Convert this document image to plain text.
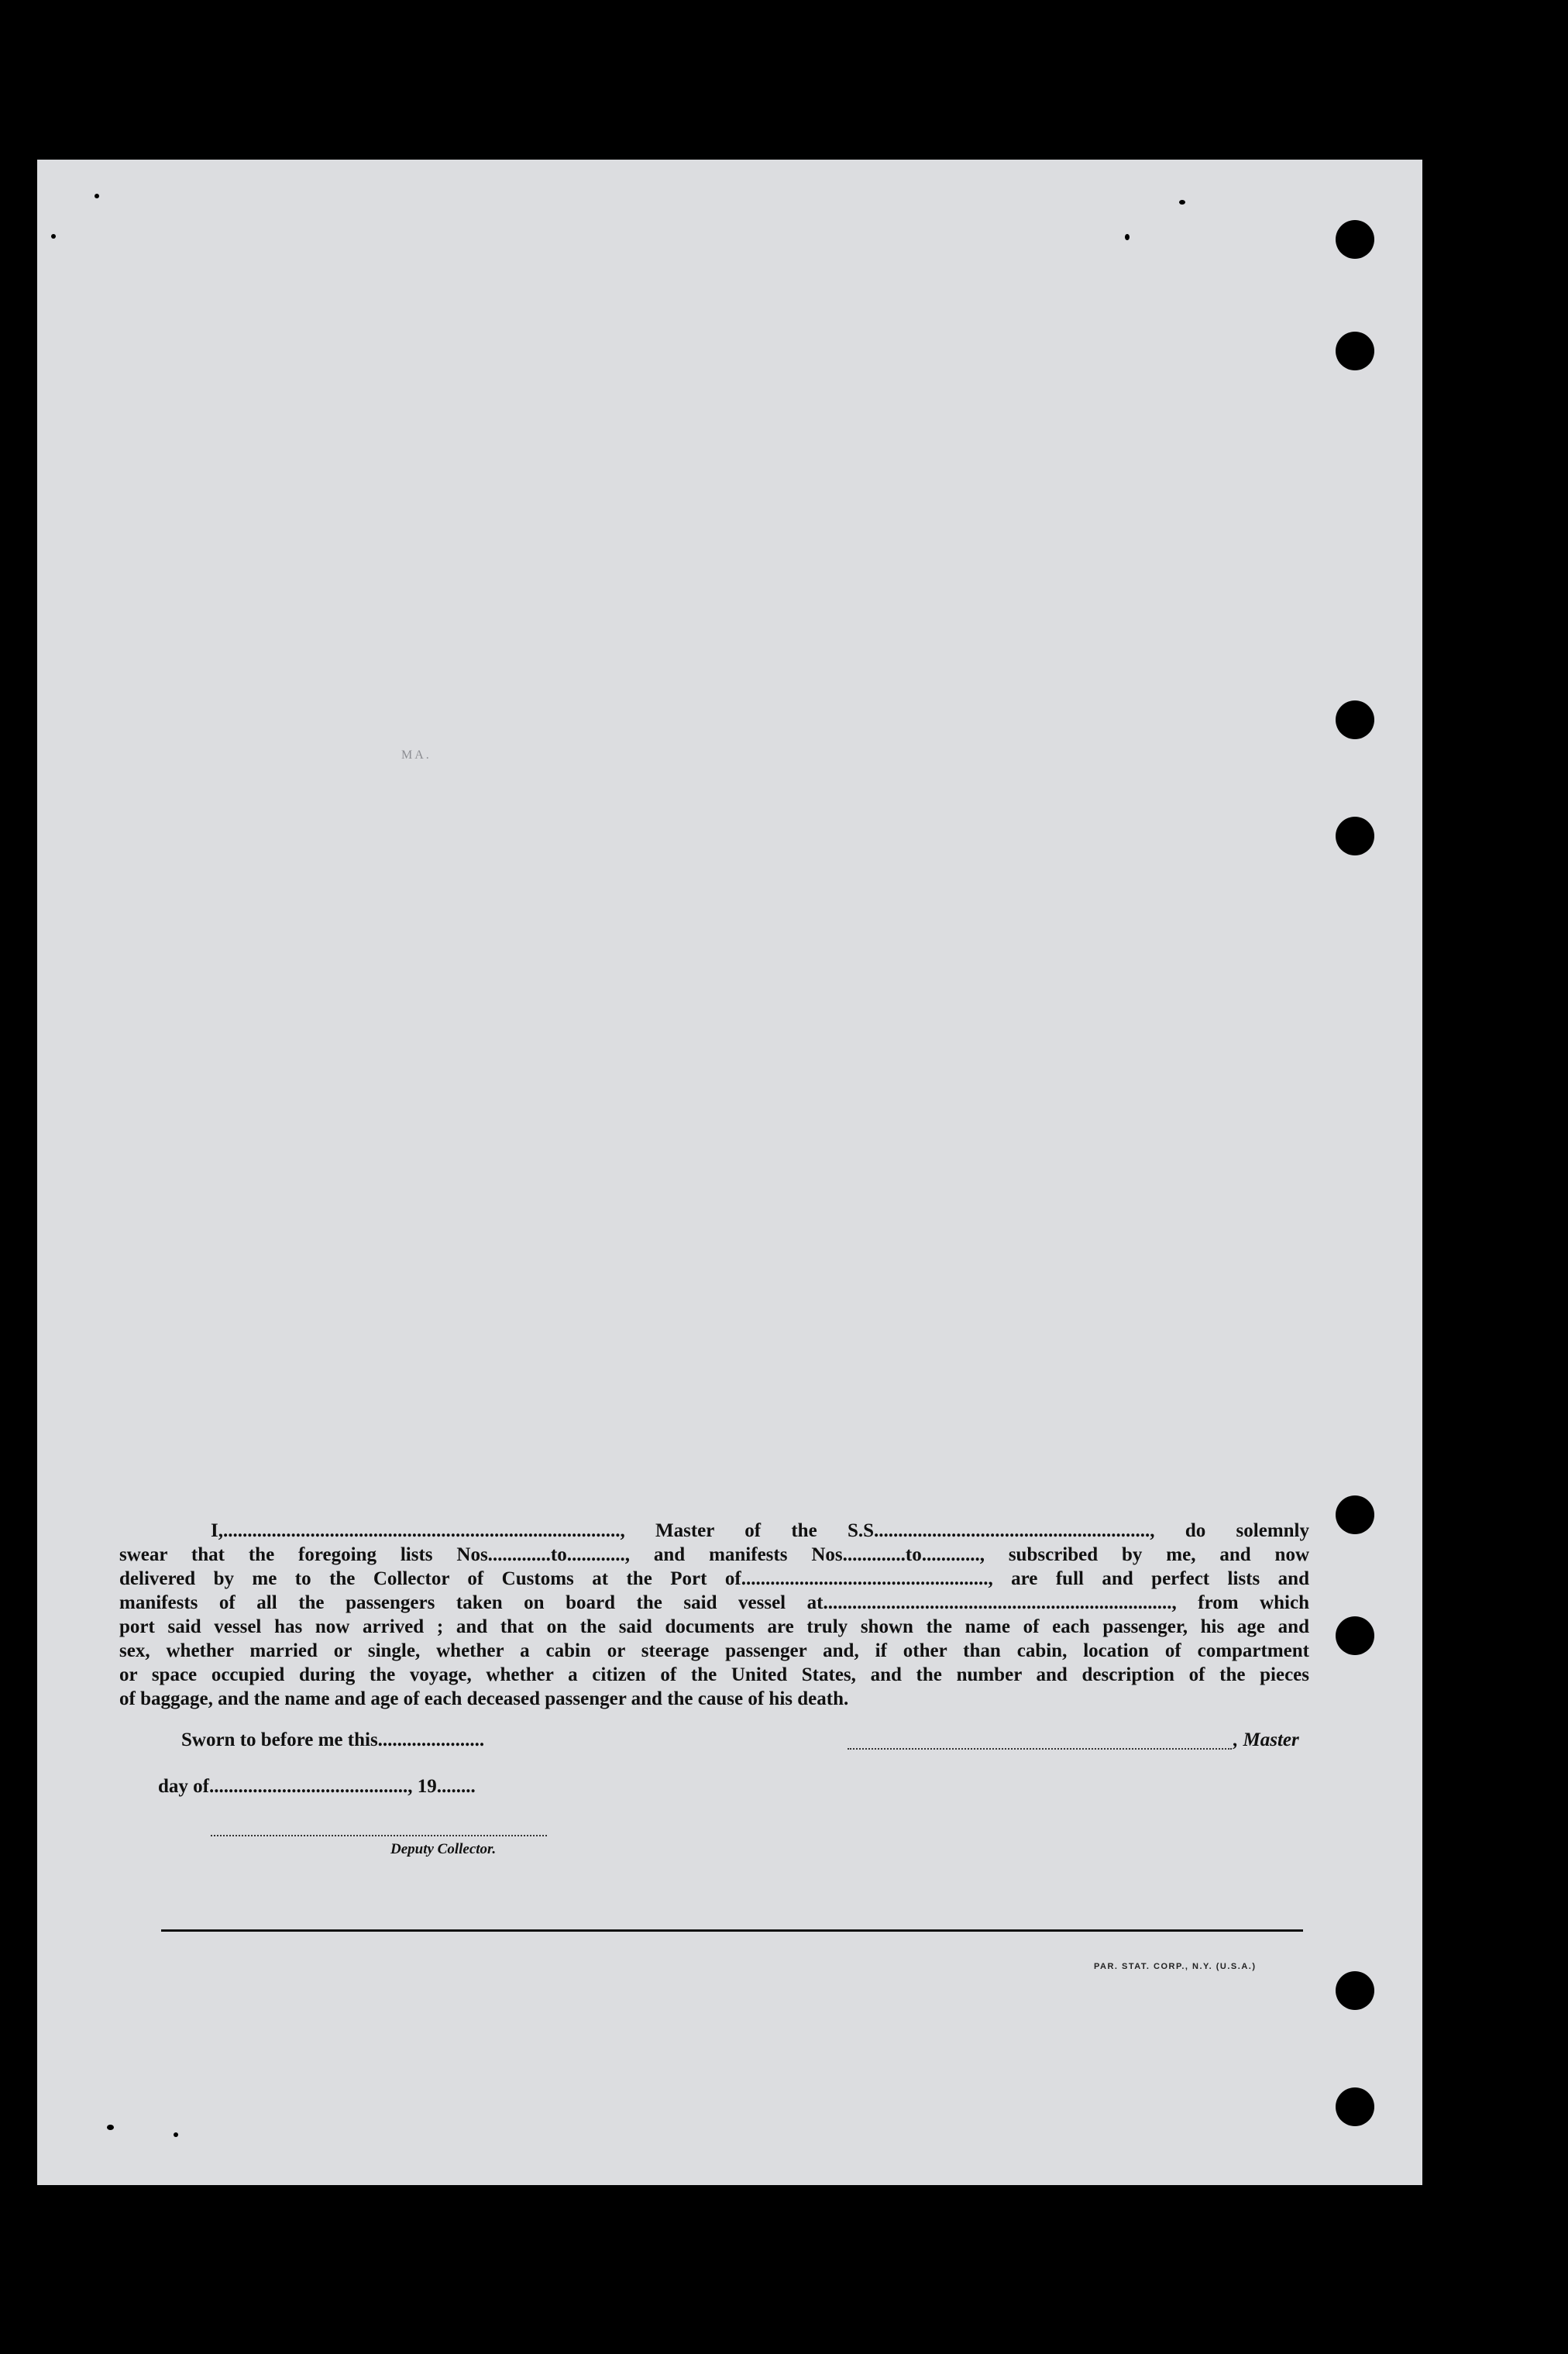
MA.
I,.................................................................................., Master of the S.S........................................................., do solemnly
swear that the foregoing lists Nos.............to............, and manifests Nos.............to............, subscribed by me, and now
delivered by me to the Collector of Customs at the Port of..................................................., are full and perfect lists and
manifests of all the passengers taken on board the said vessel at........................................................................, from which
port said vessel has now arrived ; and that on the said documents are truly shown the name of each passenger, his age and
sex, whether married or single, whether a cabin or steerage passenger and, if other than cabin, location of compartment
or space occupied during the voyage, whether a citizen of the United States, and the number and description of the pieces
of baggage, and the name and age of each deceased passenger and the cause of his death.
Sworn to before me this......................	, Master
day of........................................., 19........
Deputy Collector.
PAR. STAT. CORP., N.Y. (U.S.A.)
